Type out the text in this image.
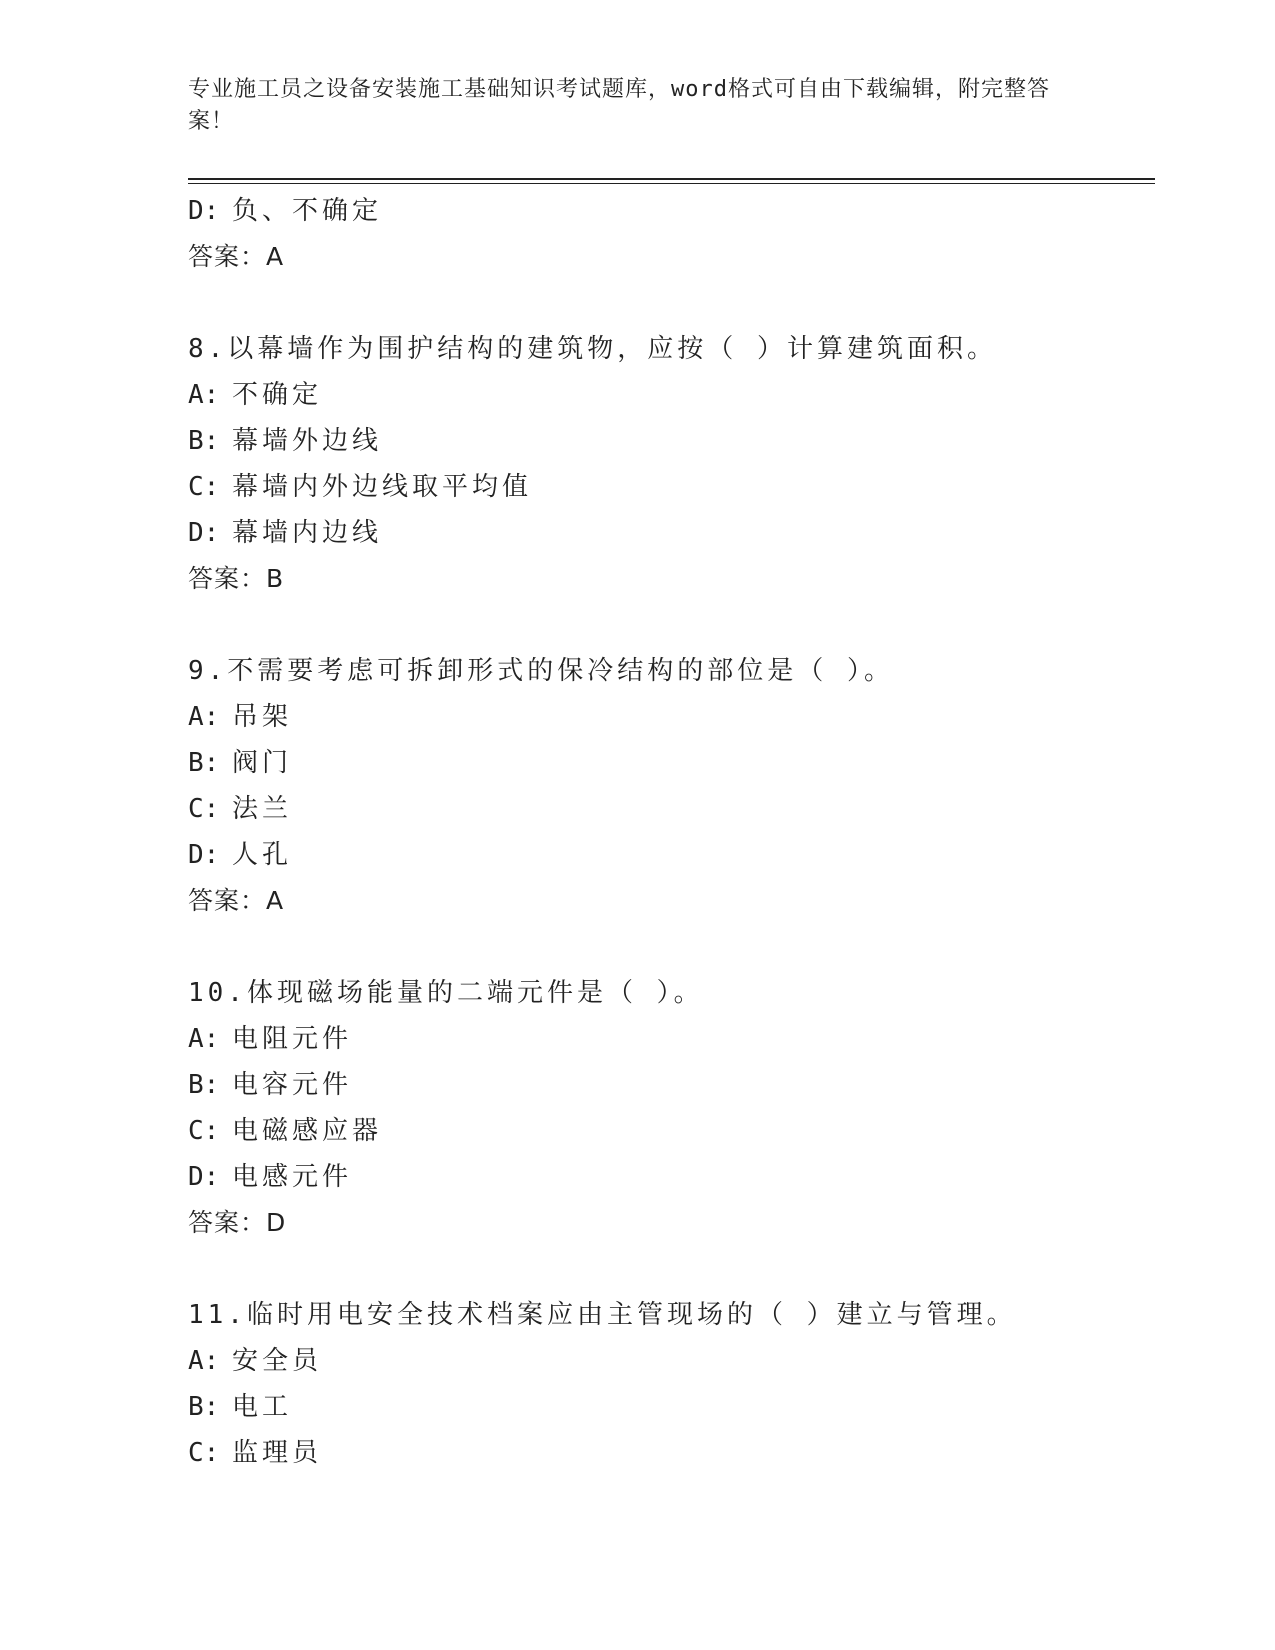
专业施工员之设备安装施工基础知识考试题库，word格式可自由下载编辑，附完整答案！
D: 负、不确定
答案：A
8.以幕墙作为围护结构的建筑物，应按（ ）计算建筑面积。
A: 不确定
B: 幕墙外边线
C: 幕墙内外边线取平均值
D: 幕墙内边线
答案：B
9.不需要考虑可拆卸形式的保冷结构的部位是（ ）。
A: 吊架
B: 阀门
C: 法兰
D: 人孔
答案：A
10.体现磁场能量的二端元件是（ ）。
A: 电阻元件
B: 电容元件
C: 电磁感应器
D: 电感元件
答案：D
11.临时用电安全技术档案应由主管现场的（ ）建立与管理。
A: 安全员
B: 电工
C: 监理员
